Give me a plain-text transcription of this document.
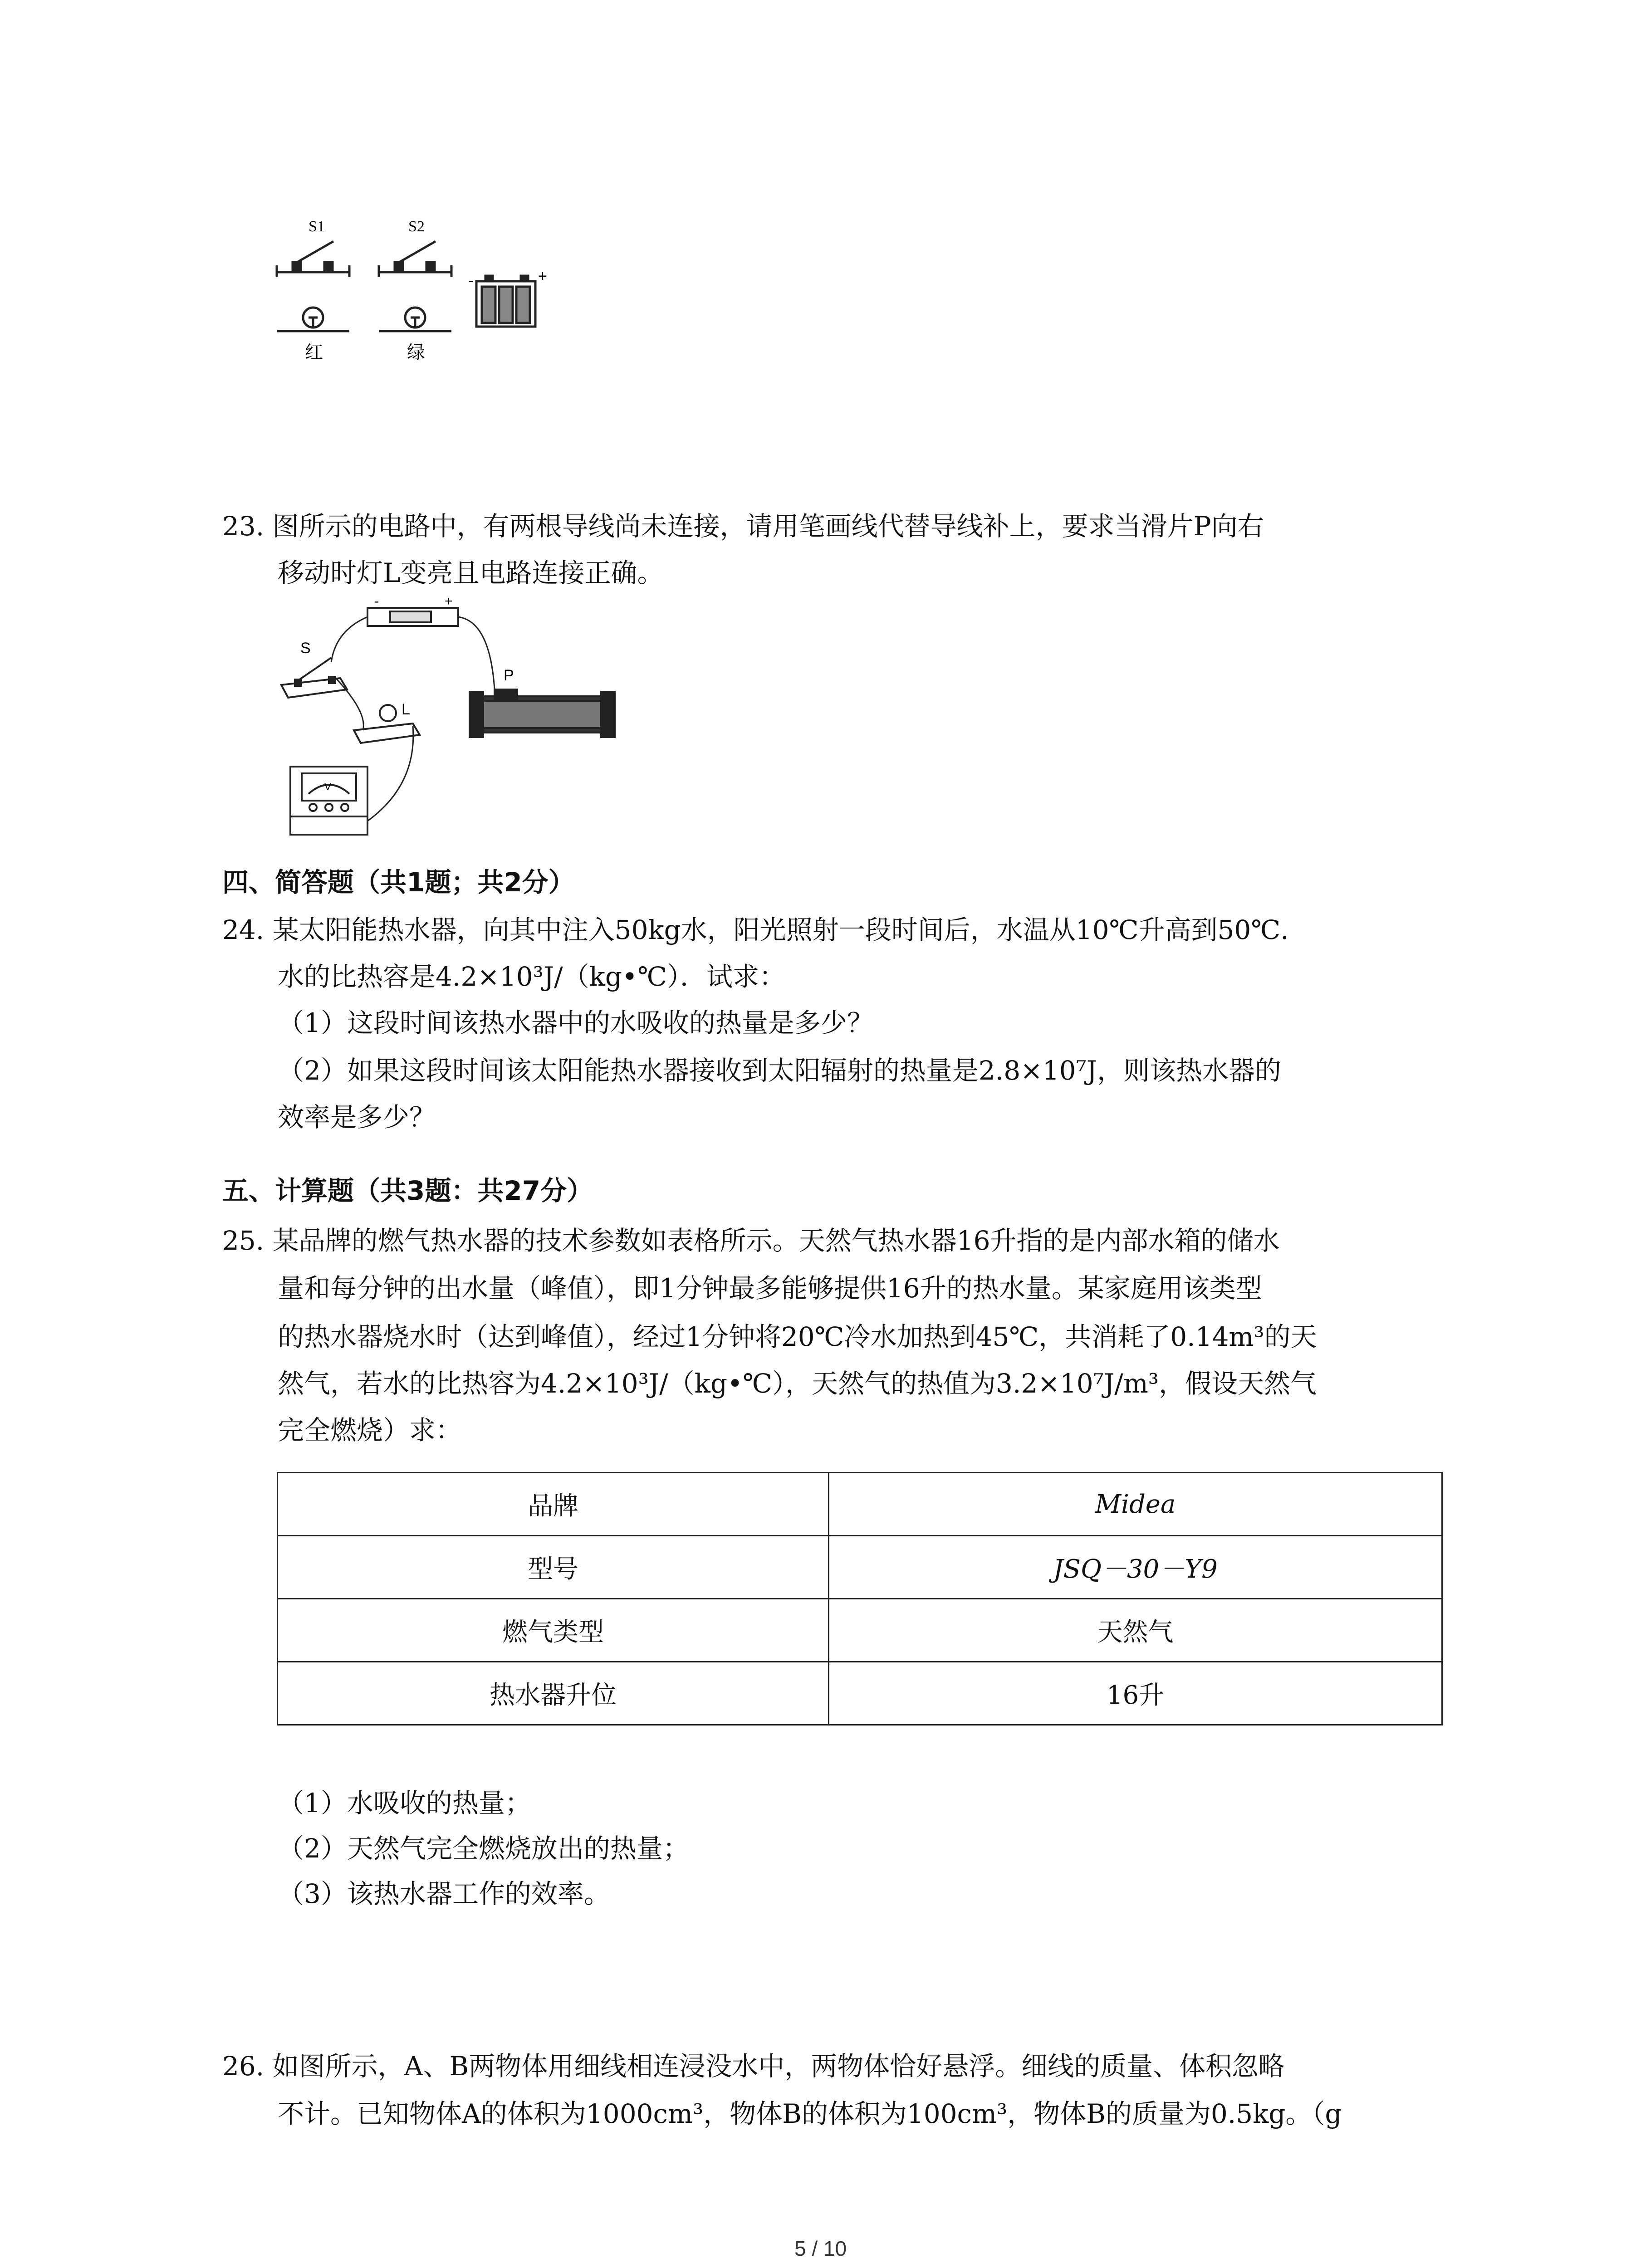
S1	S2
红	绿
-	+
23. 图所示的电路中，有两根导线尚未连接，请用笔画线代替导线补上，要求当滑片P向右
移动时灯L变亮且电路连接正确。
-	+
S
L
P
V
四、简答题（共1题；共2分）
24. 某太阳能热水器，向其中注入50kg水，阳光照射一段时间后，水温从10℃升高到50℃.
水的比热容是4.2×10³J/（kg•℃）．试求：
（1）这段时间该热水器中的水吸收的热量是多少？
（2）如果这段时间该太阳能热水器接收到太阳辐射的热量是2.8×10⁷J，则该热水器的
效率是多少？
五、计算题（共3题：共27分）
25. 某品牌的燃气热水器的技术参数如表格所示。天然气热水器16升指的是内部水箱的储水
量和每分钟的出水量（峰值），即1分钟最多能够提供16升的热水量。某家庭用该类型
的热水器烧水时（达到峰值），经过1分钟将20℃冷水加热到45℃，共消耗了0.14m³的天
然气，若水的比热容为4.2×10³J/（kg•℃），天然气的热值为3.2×10⁷J/m³，假设天然气
完全燃烧）求：
品牌	Midea
型号	JSQ－30－Y9
燃气类型	天然气
热水器升位	16升
（1）水吸收的热量；
（2）天然气完全燃烧放出的热量；
（3）该热水器工作的效率。
26. 如图所示，A、B两物体用细线相连浸没水中，两物体恰好悬浮。细线的质量、体积忽略
不计。已知物体A的体积为1000cm³，物体B的体积为100cm³，物体B的质量为0.5kg。（g
5 / 10
